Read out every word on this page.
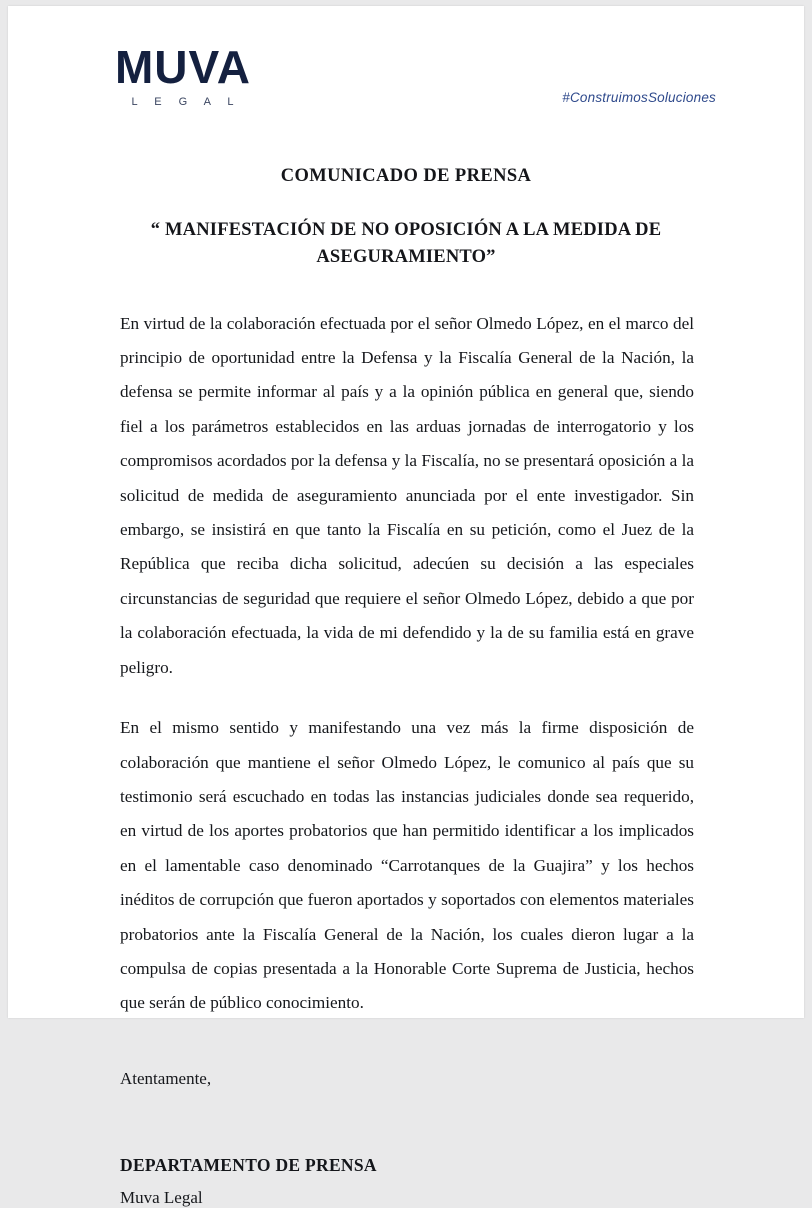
MUVA
L E G A L	#ConstruimosSoluciones
COMUNICADO DE PRENSA
“ MANIFESTACIÓN DE NO OPOSICIÓN A LA MEDIDA DE ASEGURAMIENTO”

En virtud de la colaboración efectuada por el señor Olmedo López, en el marco del principio de oportunidad entre la Defensa y la Fiscalía General de la Nación, la defensa se permite informar al país y a la opinión pública en general que, siendo fiel a los parámetros establecidos en las arduas jornadas de interrogatorio y los compromisos acordados por la defensa y la Fiscalía, no se presentará oposición a la solicitud de medida de aseguramiento anunciada por el ente investigador. Sin embargo, se insistirá en que tanto la Fiscalía en su petición, como el Juez de la República que reciba dicha solicitud, adecúen su decisión a las especiales circunstancias de seguridad que requiere el señor Olmedo López, debido a que por la colaboración efectuada, la vida de mi defendido y la de su familia está en grave peligro.

En el mismo sentido y manifestando una vez más la firme disposición de colaboración que mantiene el señor Olmedo López, le comunico al país que su testimonio será escuchado en todas las instancias judiciales donde sea requerido, en virtud de los aportes probatorios que han permitido identificar a los implicados en el lamentable caso denominado “Carrotanques de la Guajira” y los hechos inéditos de corrupción que fueron aportados y soportados con elementos materiales probatorios ante la Fiscalía General de la Nación, los cuales dieron lugar a la compulsa de copias presentada a la Honorable Corte Suprema de Justicia, hechos que serán de público conocimiento.

Atentamente,
DEPARTAMENTO DE PRENSA
Muva Legal
